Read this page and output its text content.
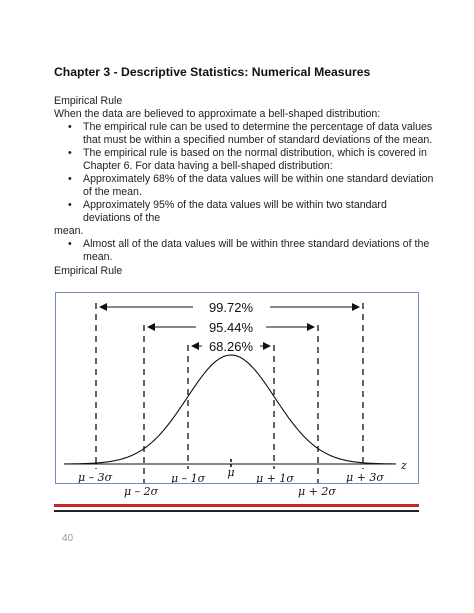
Chapter 3 - Descriptive Statistics: Numerical Measures
Empirical Rule
When the data are believed to approximate a bell-shaped distribution:
• The empirical rule can be used to determine the percentage of data values
that must be within a specified number of standard deviations of the mean.
• The empirical rule is based on the normal distribution, which is covered in
Chapter 6. For data having a bell-shaped distribution:
• Approximately 68% of the data values will be within one standard deviation
of the mean.
• Approximately 95% of the data values will be within two standard
deviations of the
mean.
• Almost all of the data values will be within three standard deviations of the
mean.
Empirical Rule
z
99.72%
95.44%
68.26%
μ
μ – 3σ	μ – 1σ	μ + 1σ	μ + 3σ
μ – 2σ	μ + 2σ
40
